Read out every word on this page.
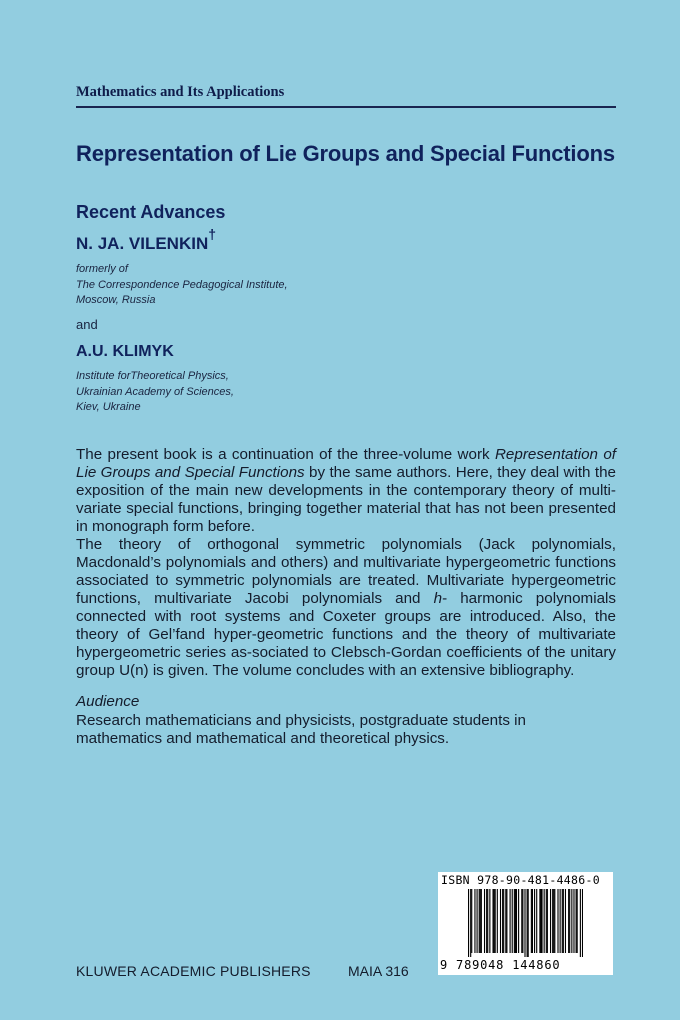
Mathematics and Its Applications
Representation of Lie Groups and Special Functions
Recent Advances
N. JA. VILENKIN†
formerly of
The Correspondence Pedagogical Institute,
Moscow, Russia
and
A.U. KLIMYK
Institute forTheoretical Physics,
Ukrainian Academy of Sciences,
Kiev, Ukraine

The present book is a continuation of the three-volume work Representation of Lie Groups and Special Functions by the same authors. Here, they deal with the exposition of the main new developments in the contemporary theory of multi-variate special functions, bringing together material that has not been presented in monograph form before.

The theory of orthogonal symmetric polynomials (Jack polynomials, Macdonald’s polynomials and others) and multivariate hypergeometric functions associated to symmetric polynomials are treated. Multivariate hypergeometric functions, multivariate Jacobi polynomials and h- harmonic polynomials connected with root systems and Coxeter groups are introduced. Also, the theory of Gel’fand hyper-geometric functions and the theory of multivariate hypergeometric series as-sociated to Clebsch-Gordan coefficients of the unitary group U(n) is given. The volume concludes with an extensive bibliography.

Audience
Research mathematicians and physicists, postgraduate students in mathematics and mathematical and theoretical physics.
ISBN 978-90-481-4486-0
9 789048 144860
KLUWER ACADEMIC PUBLISHERS	MAIA 316
